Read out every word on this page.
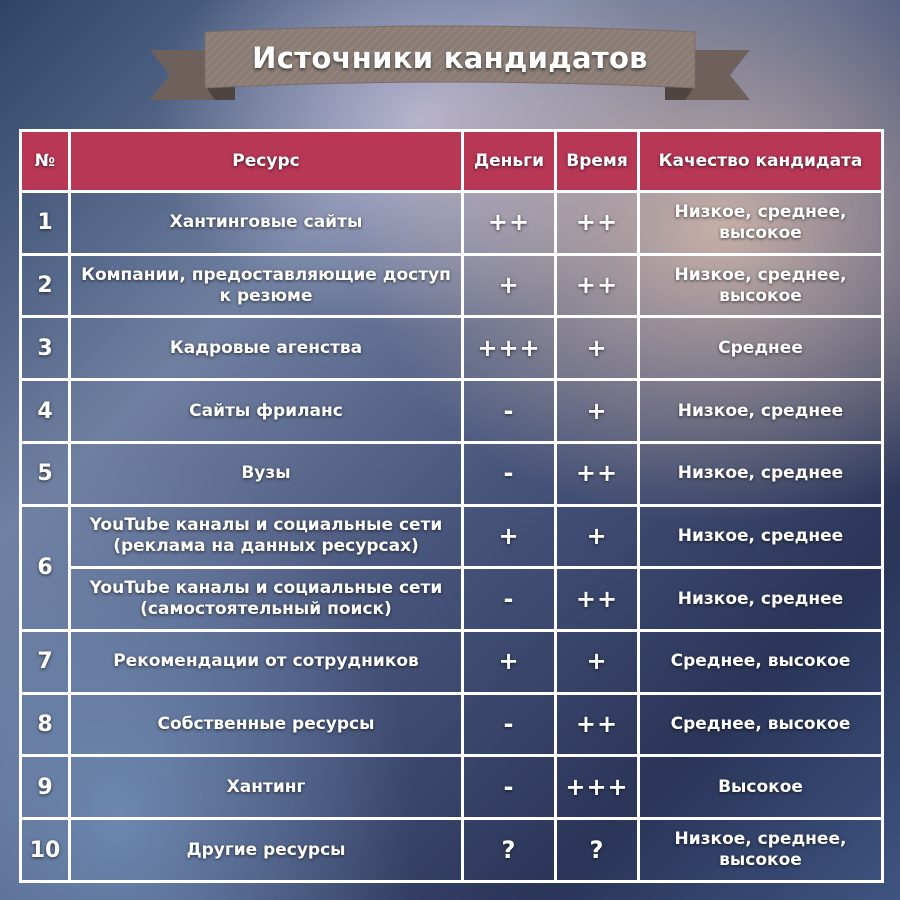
Источники кандидатов
№	Ресурс	Деньги	Время	Качество кандидата
1	Хантинговые сайты	++	++	Низкое, среднее, высокое
2	Компании, предоставляющие доступ к резюме	+	++	Низкое, среднее, высокое
3	Кадровые агенства	+++	+	Среднее
4	Сайты фриланс	-	+	Низкое, среднее
5	Вузы	-	++	Низкое, среднее
6	YouTube каналы и социальные сети (реклама на данных ресурсах)	+	+	Низкое, среднее
	YouTube каналы и социальные сети (самостоятельный поиск)	-	++	Низкое, среднее
7	Рекомендации от сотрудников	+	+	Среднее, высокое
8	Собственные ресурсы	-	++	Среднее, высокое
9	Хантинг	-	+++	Высокое
10	Другие ресурсы	?	?	Низкое, среднее, высокое
